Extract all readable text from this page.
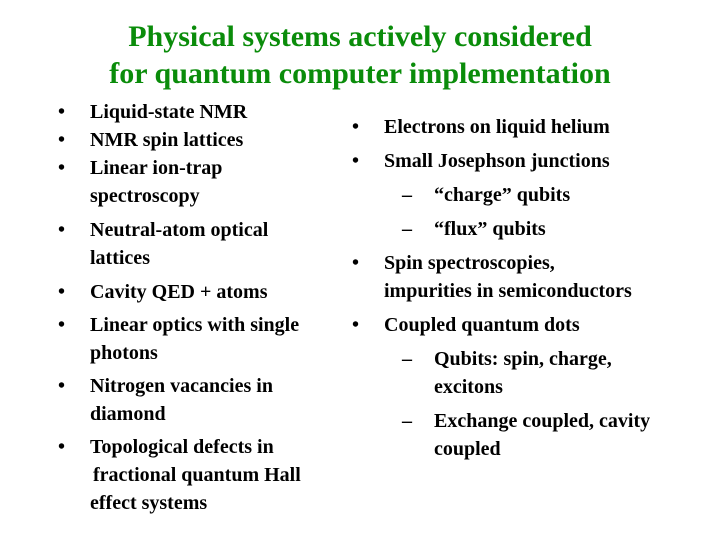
Physical systems actively considered
for quantum computer implementation
• Liquid-state NMR
• NMR spin lattices
• Linear ion-trap
spectroscopy
• Neutral-atom optical
lattices
• Cavity QED + atoms
• Linear optics with single
photons
• Nitrogen vacancies in
diamond
• Topological defects in
fractional quantum Hall
effect systems
• Electrons on liquid helium
• Small Josephson junctions
– “charge” qubits
– “flux” qubits
• Spin spectroscopies,
impurities in semiconductors
• Coupled quantum dots
– Qubits: spin, charge,
excitons
– Exchange coupled, cavity
coupled
